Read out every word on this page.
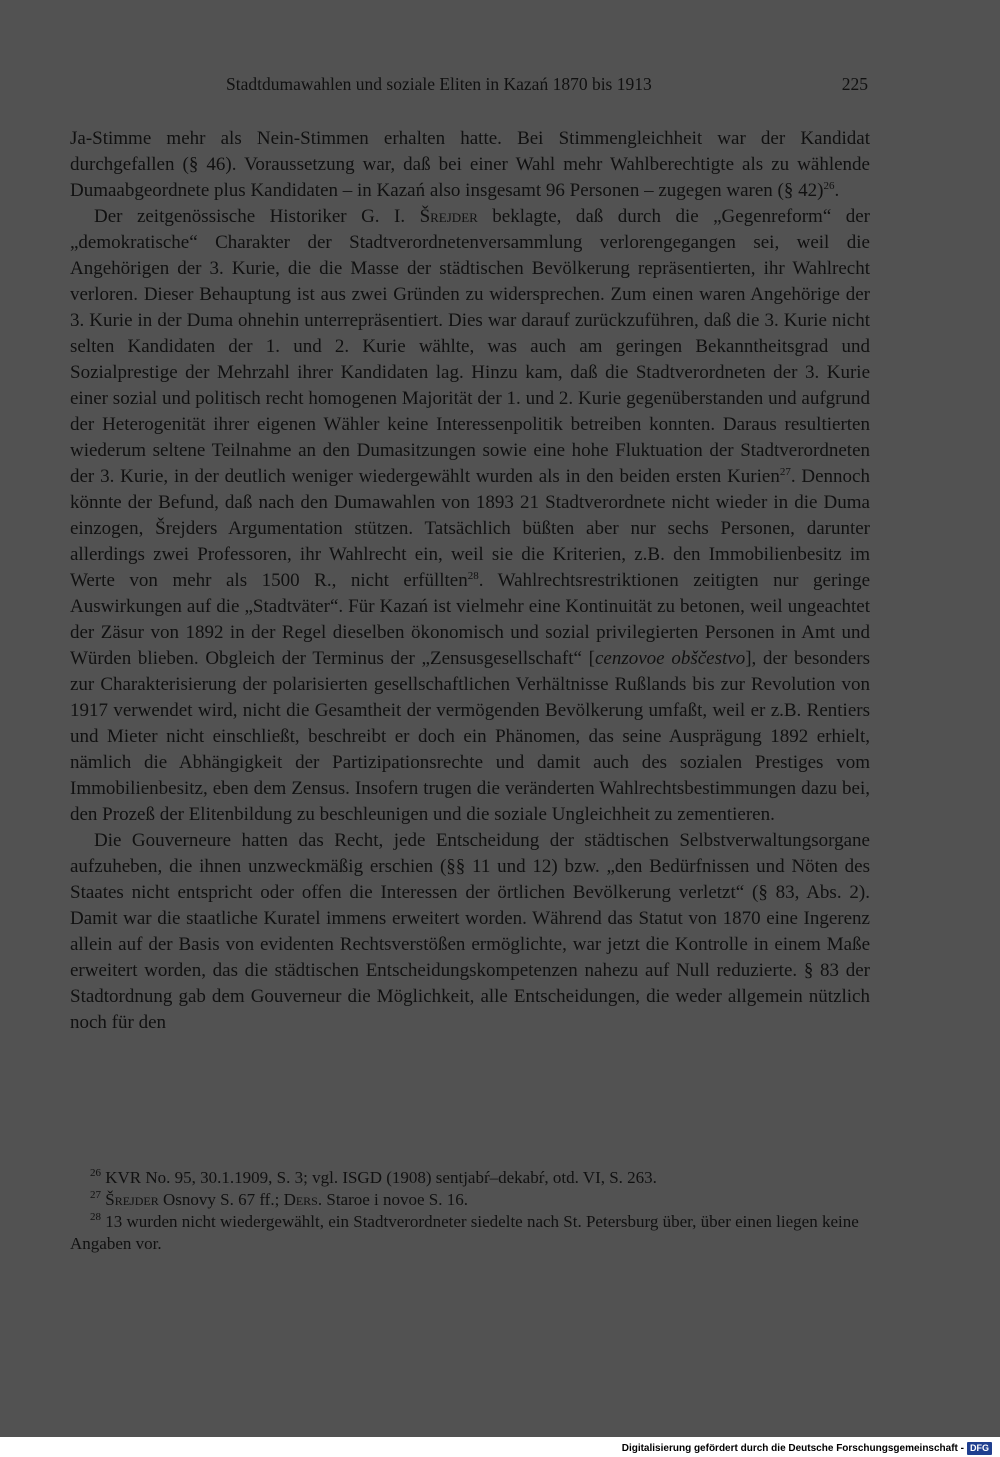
Stadtdumawahlen und soziale Eliten in Kazań 1870 bis 1913	225

Ja-Stimme mehr als Nein-Stimmen erhalten hatte. Bei Stimmengleichheit war der Kandidat durchgefallen (§ 46). Voraussetzung war, daß bei einer Wahl mehr Wahlberechtigte als zu wählende Dumaabgeordnete plus Kandidaten – in Kazań also insgesamt 96 Personen – zugegen waren (§ 42)$^{26}$.

Der zeitgenössische Historiker G. I. Šrejder beklagte, daß durch die „Gegenreform“ der „demokratische“ Charakter der Stadtverordnetenversammlung verlorengegangen sei, weil die Angehörigen der 3. Kurie, die die Masse der städtischen Bevölkerung repräsentierten, ihr Wahlrecht verloren. Dieser Behauptung ist aus zwei Gründen zu widersprechen. Zum einen waren Angehörige der 3. Kurie in der Duma ohnehin unterrepräsentiert. Dies war darauf zurückzuführen, daß die 3. Kurie nicht selten Kandidaten der 1. und 2. Kurie wählte, was auch am geringen Bekanntheitsgrad und Sozialprestige der Mehrzahl ihrer Kandidaten lag. Hinzu kam, daß die Stadtverordneten der 3. Kurie einer sozial und politisch recht homogenen Majorität der 1. und 2. Kurie gegenüberstanden und aufgrund der Heterogenität ihrer eigenen Wähler keine Interessenpolitik betreiben konnten. Daraus resultierten wiederum seltene Teilnahme an den Dumasitzungen sowie eine hohe Fluktuation der Stadtverordneten der 3. Kurie, in der deutlich weniger wiedergewählt wurden als in den beiden ersten Kurien$^{27}$. Dennoch könnte der Befund, daß nach den Dumawahlen von 1893 21 Stadtverordnete nicht wieder in die Duma einzogen, Šrejders Argumentation stützen. Tatsächlich büßten aber nur sechs Personen, darunter allerdings zwei Professoren, ihr Wahlrecht ein, weil sie die Kriterien, z.B. den Immobilienbesitz im Werte von mehr als 1500 R., nicht erfüllten$^{28}$. Wahlrechtsrestriktionen zeitigten nur geringe Auswirkungen auf die „Stadtväter“. Für Kazań ist vielmehr eine Kontinuität zu betonen, weil ungeachtet der Zäsur von 1892 in der Regel dieselben ökonomisch und sozial privilegierten Personen in Amt und Würden blieben. Obgleich der Terminus der „Zensusgesellschaft“ [cenzovoe obščestvo], der besonders zur Charakterisierung der polarisierten gesellschaftlichen Verhältnisse Rußlands bis zur Revolution von 1917 verwendet wird, nicht die Gesamtheit der vermögenden Bevölkerung umfaßt, weil er z.B. Rentiers und Mieter nicht einschließt, beschreibt er doch ein Phänomen, das seine Ausprägung 1892 erhielt, nämlich die Abhängigkeit der Partizipationsrechte und damit auch des sozialen Prestiges vom Immobilienbesitz, eben dem Zensus. Insofern trugen die veränderten Wahlrechtsbestimmungen dazu bei, den Prozeß der Elitenbildung zu beschleunigen und die soziale Ungleichheit zu zementieren.

Die Gouverneure hatten das Recht, jede Entscheidung der städtischen Selbstverwaltungsorgane aufzuheben, die ihnen unzweckmäßig erschien (§§ 11 und 12) bzw. „den Bedürfnissen und Nöten des Staates nicht entspricht oder offen die Interessen der örtlichen Bevölkerung verletzt“ (§ 83, Abs. 2). Damit war die staatliche Kuratel immens erweitert worden. Während das Statut von 1870 eine Ingerenz allein auf der Basis von evidenten Rechtsverstößen ermöglichte, war jetzt die Kontrolle in einem Maße erweitert worden, das die städtischen Entscheidungskompetenzen nahezu auf Null reduzierte. § 83 der Stadtordnung gab dem Gouverneur die Möglichkeit, alle Entscheidungen, die weder allgemein nützlich noch für den

$^{26}$ KVR No. 95, 30.1.1909, S. 3; vgl. ISGD (1908) sentjabŕ–dekabŕ, otd. VI, S. 263.

$^{27}$ Šrejder Osnovy S. 67 ff.; Ders. Staroe i novoe S. 16.

$^{28}$ 13 wurden nicht wiedergewählt, ein Stadtverordneter siedelte nach St. Petersburg über, über einen liegen keine Angaben vor.

Digitalisierung gefördert durch die Deutsche Forschungsgemeinschaft - DFG
